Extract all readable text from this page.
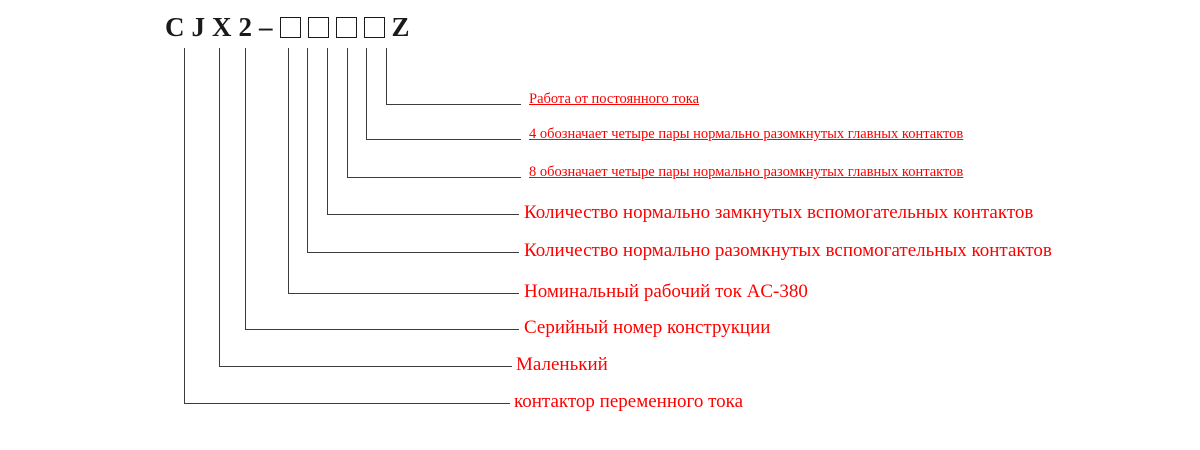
C J X 2 –	Z
Работа от постоянного тока
4 обозначает четыре пары нормально разомкнутых главных контактов
8 обозначает четыре пары нормально разомкнутых главных контактов
Количество нормально замкнутых вспомогательных контактов
Количество нормально разомкнутых вспомогательных контактов
Номинальный рабочий ток AC-380
Серийный номер конструкции
Маленький
контактор переменного тока
